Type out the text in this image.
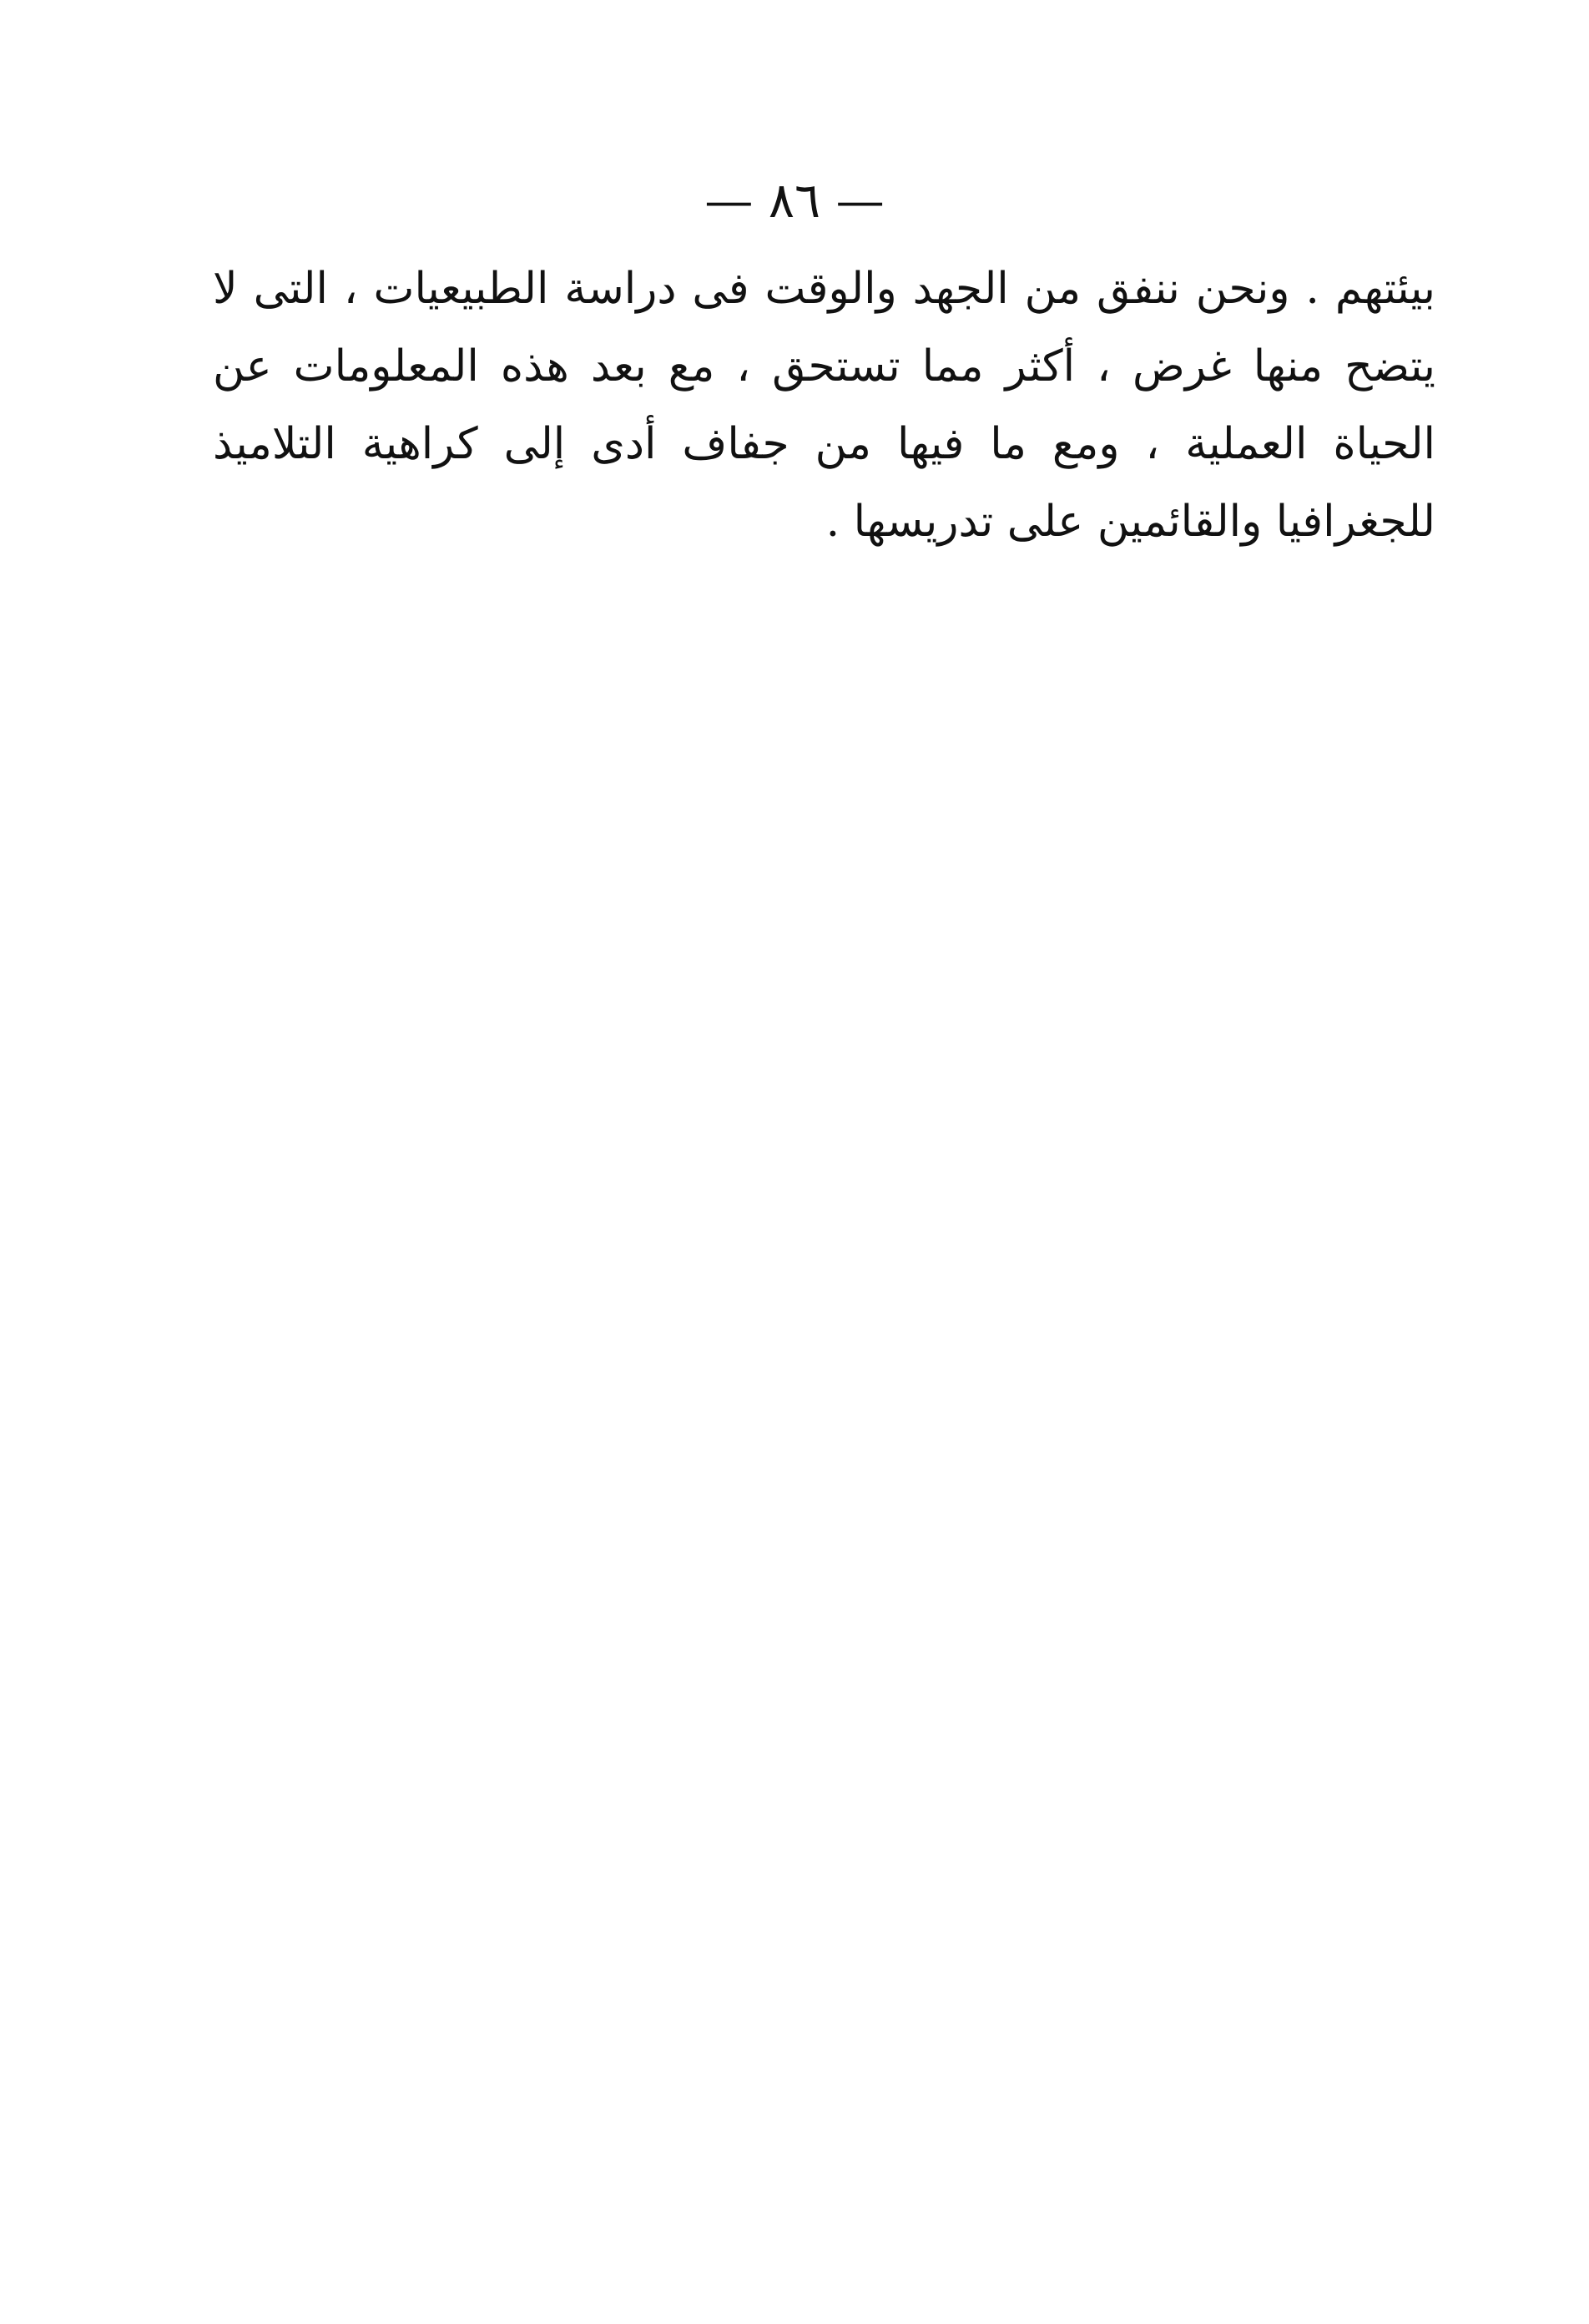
— ٨٦ —

بيئتهم . ونحن ننفق من الجهد والوقت فى دراسة الطبيعيات ، التى لا يتضح منها غرض ، أكثر مما تستحق ، مع بعد هذه المعلومات عن الحياة العملية ، ومع ما فيها من جفاف أدى إلى كراهية التلاميذ للجغرافيا والقائمين على تدريسها .
